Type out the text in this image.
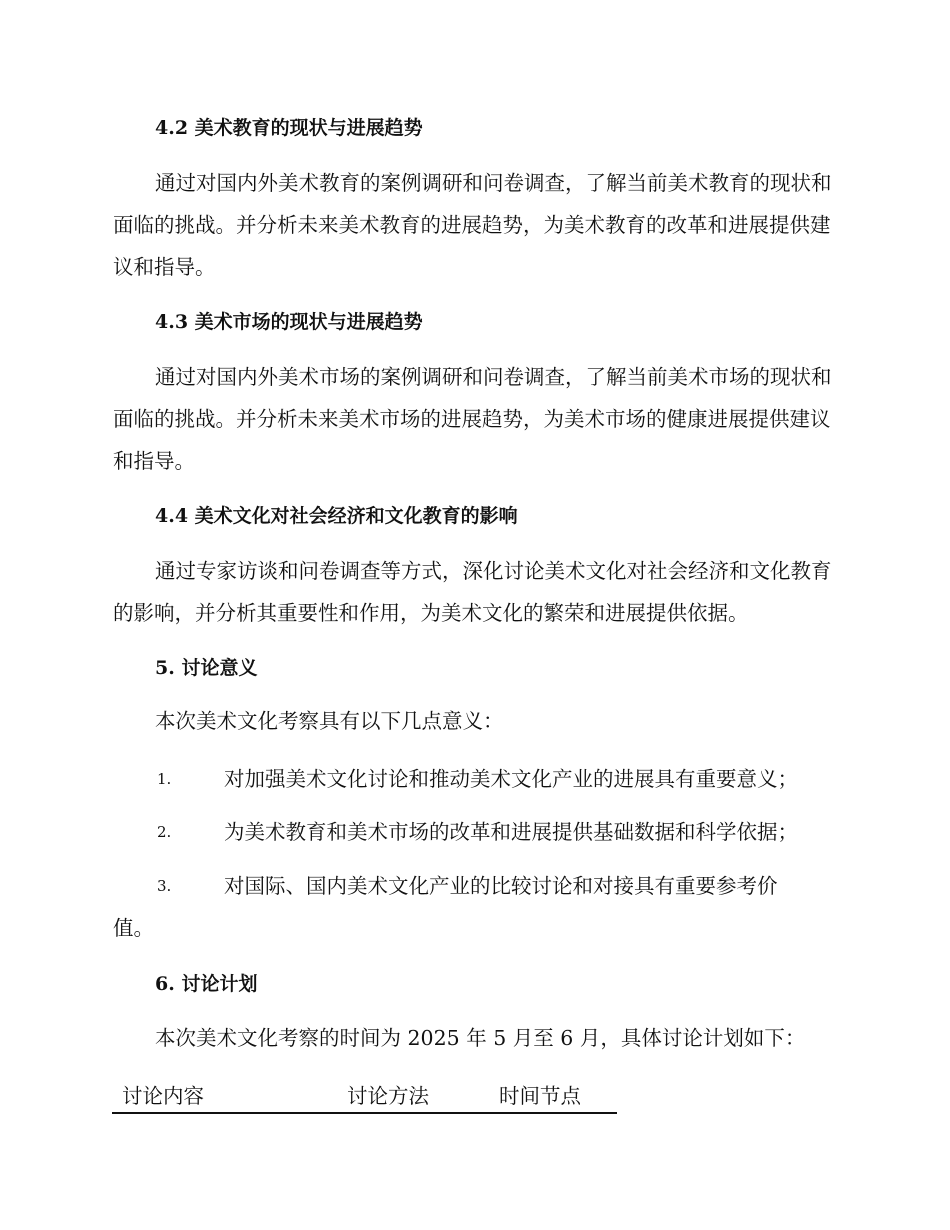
4.2 美术教育的现状与进展趋势

通过对国内外美术教育的案例调研和问卷调查，了解当前美术教育的现状和面临的挑战。并分析未来美术教育的进展趋势，为美术教育的改革和进展提供建议和指导。

4.3 美术市场的现状与进展趋势

通过对国内外美术市场的案例调研和问卷调查，了解当前美术市场的现状和面临的挑战。并分析未来美术市场的进展趋势，为美术市场的健康进展提供建议和指导。

4.4 美术文化对社会经济和文化教育的影响

通过专家访谈和问卷调查等方式，深化讨论美术文化对社会经济和文化教育的影响，并分析其重要性和作用，为美术文化的繁荣和进展提供依据。

5. 讨论意义
本次美术文化考察具有以下几点意义：
1.	对加强美术文化讨论和推动美术文化产业的进展具有重要意义；
2.	为美术教育和美术市场的改革和进展提供基础数据和科学依据；
3.	对国际、国内美术文化产业的比较讨论和对接具有重要参考价
值。
6. 讨论计划
本次美术文化考察的时间为 2025 年 5 月至 6 月，具体讨论计划如下：
讨论内容	讨论方法	时间节点
